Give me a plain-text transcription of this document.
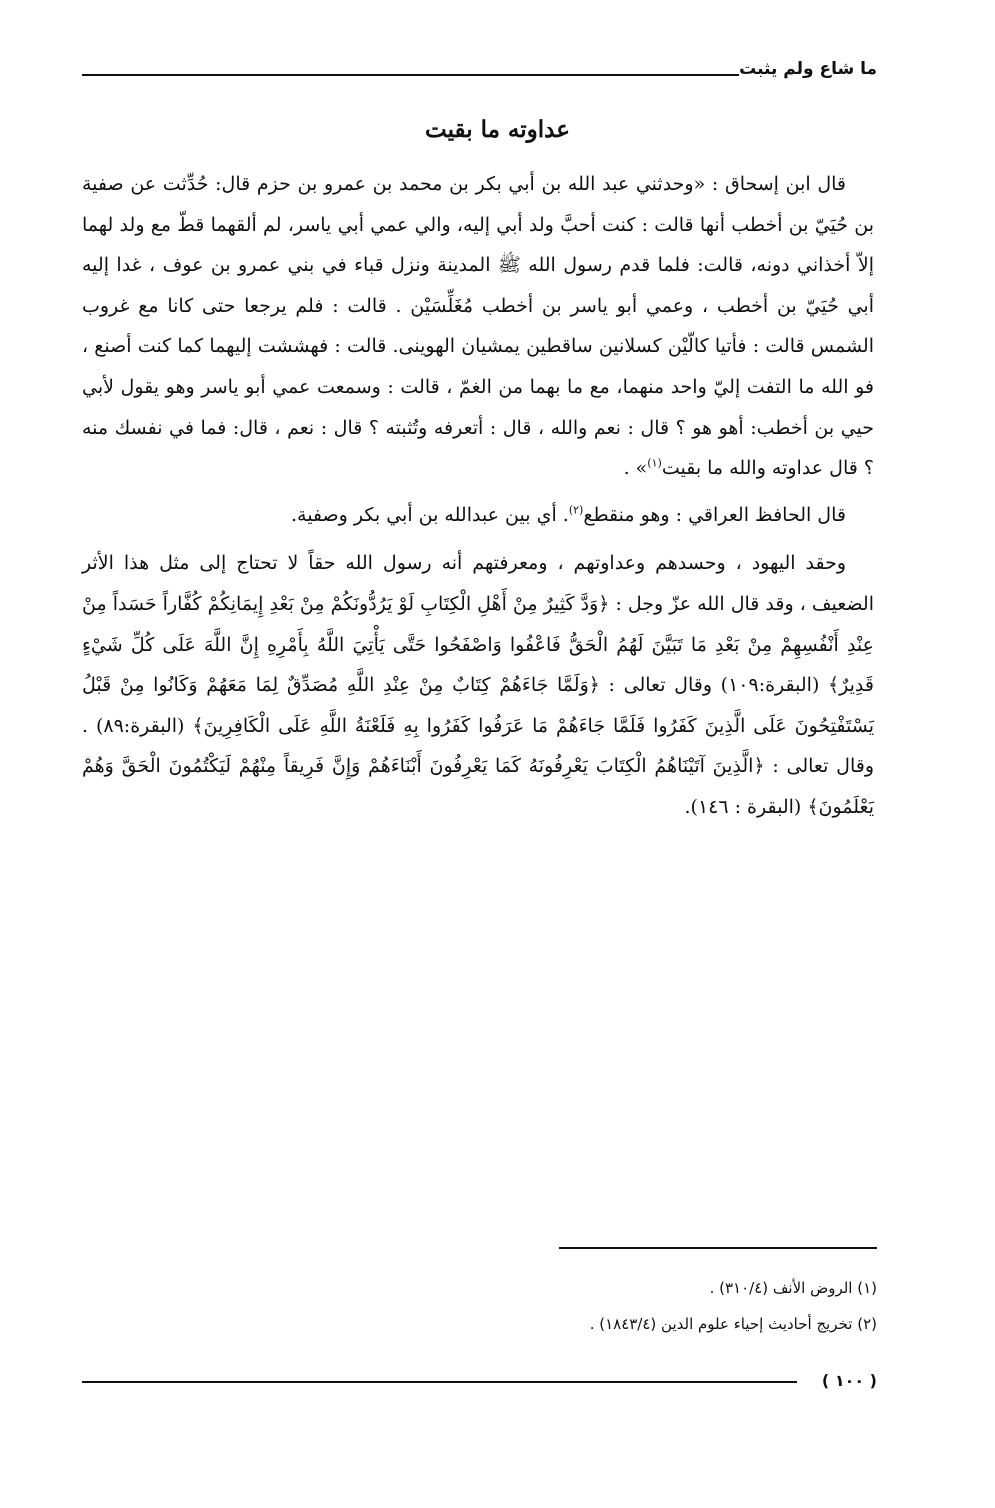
ما شاع ولم يثبت
عداوته ما بقيت

قال ابن إسحاق : «وحدثني عبد الله بن أبي بكر بن محمد بن عمرو بن حزم قال: حُدِّثت عن صفية بن حُيَيّ بن أخطب أنها قالت : كنت أحبَّ ولد أبي إليه، والي عمي أبي ياسر، لم ألقهما قطّ مع ولد لهما إلاّ أخذاني دونه، قالت: فلما قدم رسول الله ﷺ المدينة ونزل قباء في بني عمرو بن عوف ، غدا إليه أبي حُيَيّ بن أخطب ، وعمي أبو ياسر بن أخطب مُغَلِّسَيْن . قالت : فلم يرجعا حتى كانا مع غروب الشمس قالت : فأتيا كالّيْن كسلانين ساقطين يمشيان الهوينى. قالت : فهششت إليهما كما كنت أصنع ، فو الله ما التفت إليّ واحد منهما، مع ما بهما من الغمّ ، قالت : وسمعت عمي أبو ياسر وهو يقول لأبي حيي بن أخطب: أهو هو ؟ قال : نعم والله ، قال : أتعرفه وتُثبته ؟ قال : نعم ، قال: فما في نفسك منه ؟ قال عداوته والله ما بقيت$^{(١)}$» .

قال الحافظ العراقي : وهو منقطع$^{(٢)}$. أي بين عبدالله بن أبي بكر وصفية.

وحقد اليهود ، وحسدهم وعداوتهم ، ومعرفتهم أنه رسول الله حقاً لا تحتاج إلى مثل هذا الأثر الضعيف ، وقد قال الله عزّ وجل : ﴿وَدَّ كَثِيرٌ مِنْ أَهْلِ الْكِتَابِ لَوْ يَرُدُّونَكُمْ مِنْ بَعْدِ إِيمَانِكُمْ كُفَّاراً حَسَداً مِنْ عِنْدِ أَنْفُسِهِمْ مِنْ بَعْدِ مَا تَبَيَّنَ لَهُمُ الْحَقُّ فَاعْفُوا وَاصْفَحُوا حَتَّى يَأْتِيَ اللَّهُ بِأَمْرِهِ إِنَّ اللَّهَ عَلَى كُلِّ شَيْءٍ قَدِيرٌ﴾ (البقرة:١٠٩) وقال تعالى : ﴿وَلَمَّا جَاءَهُمْ كِتَابٌ مِنْ عِنْدِ اللَّهِ مُصَدِّقٌ لِمَا مَعَهُمْ وَكَانُوا مِنْ قَبْلُ يَسْتَفْتِحُونَ عَلَى الَّذِينَ كَفَرُوا فَلَمَّا جَاءَهُمْ مَا عَرَفُوا كَفَرُوا بِهِ فَلَعْنَةُ اللَّهِ عَلَى الْكَافِرِينَ﴾ (البقرة:٨٩) . وقال تعالى : ﴿الَّذِينَ آتَيْنَاهُمُ الْكِتَابَ يَعْرِفُونَهُ كَمَا يَعْرِفُونَ أَبْنَاءَهُمْ وَإِنَّ فَرِيقاً مِنْهُمْ لَيَكْتُمُونَ الْحَقَّ وَهُمْ يَعْلَمُونَ﴾ (البقرة : ١٤٦).

(١) الروض الأنف (٣١٠/٤) .
(٢) تخريج أحاديث إحياء علوم الدين (١٨٤٣/٤) .
( ١٠٠ )
